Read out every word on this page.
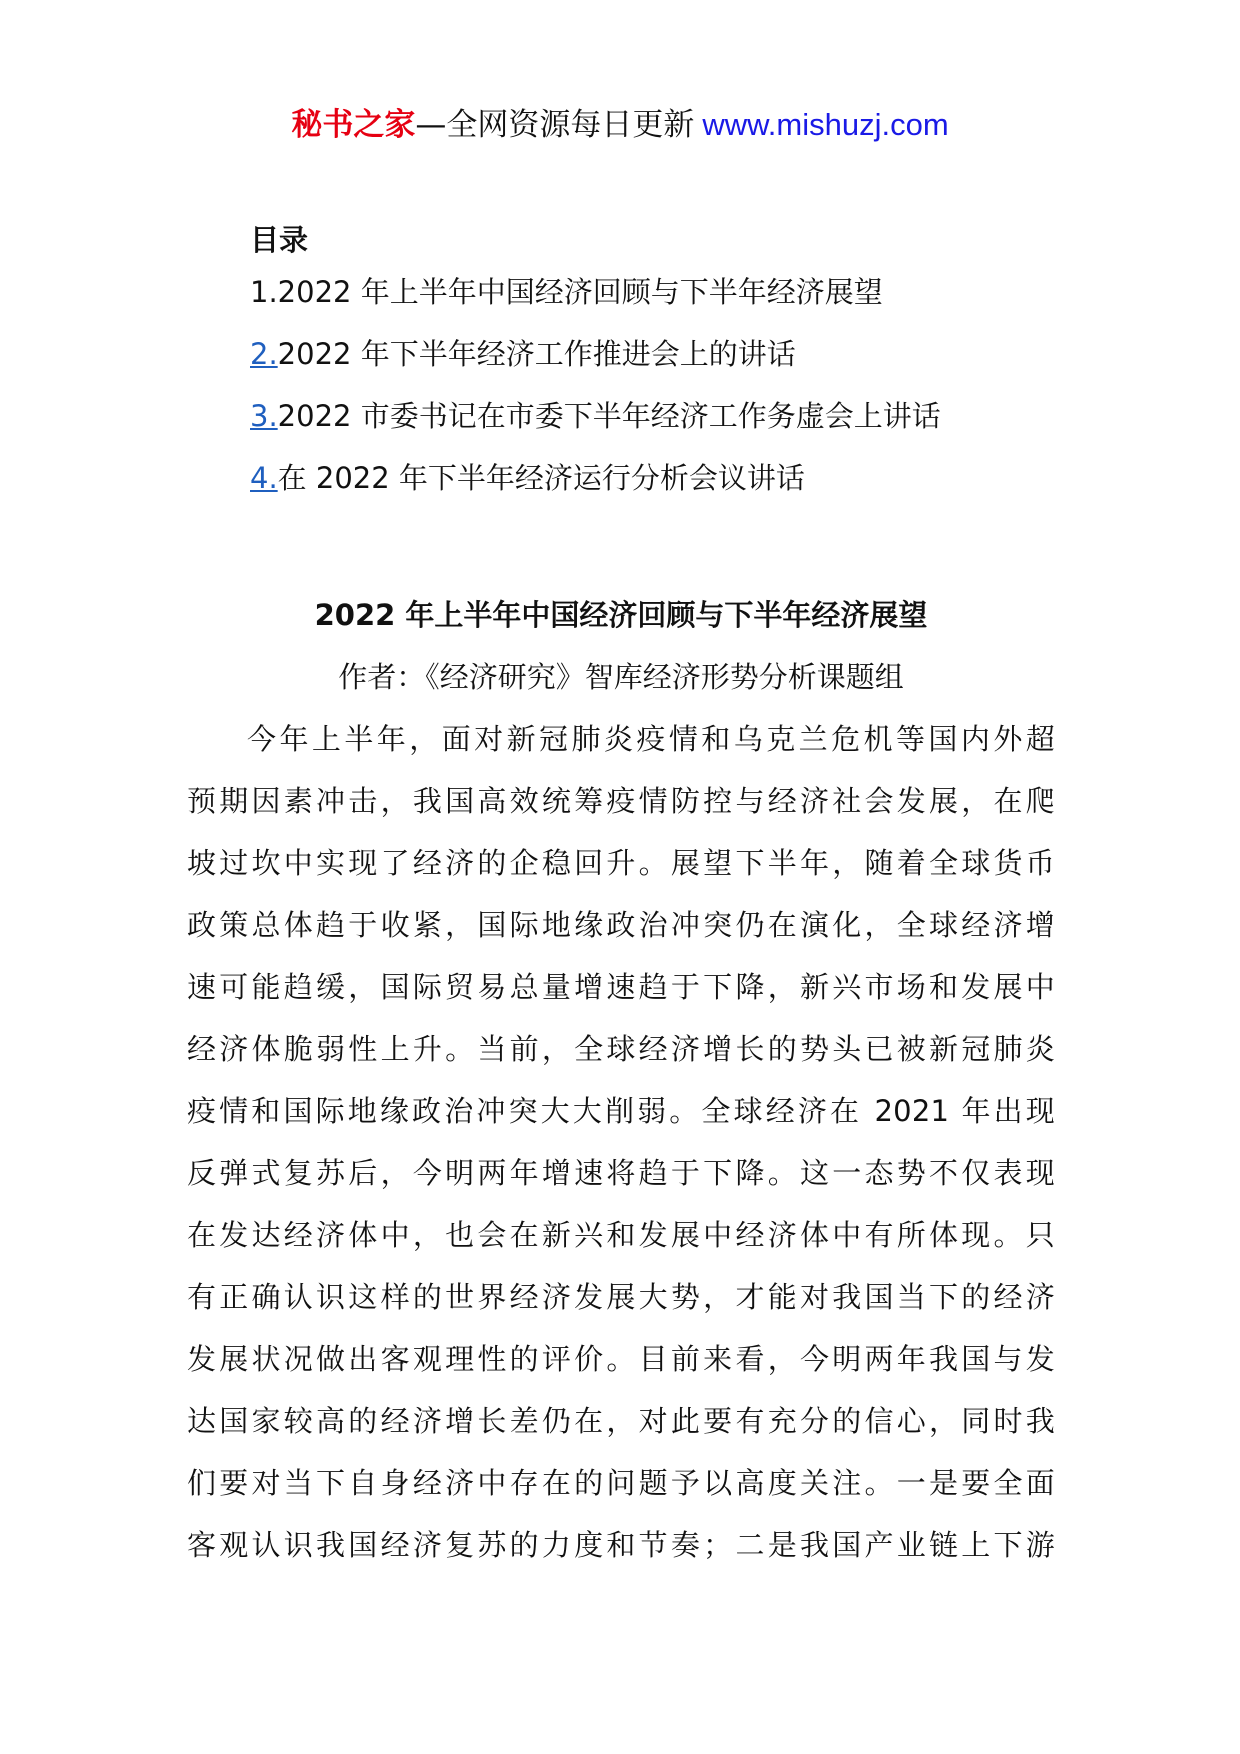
秘书之家—全网资源每日更新 www.mishuzj.com
目录
1.2022 年上半年中国经济回顾与下半年经济展望
2.2022 年下半年经济工作推进会上的讲话
3.2022 市委书记在市委下半年经济工作务虚会上讲话
4.在 2022 年下半年经济运行分析会议讲话
2022 年上半年中国经济回顾与下半年经济展望
作者：《经济研究》智库经济形势分析课题组
今年上半年，面对新冠肺炎疫情和乌克兰危机等国内外超
预期因素冲击，我国高效统筹疫情防控与经济社会发展，在爬
坡过坎中实现了经济的企稳回升。展望下半年，随着全球货币
政策总体趋于收紧，国际地缘政治冲突仍在演化，全球经济增
速可能趋缓，国际贸易总量增速趋于下降，新兴市场和发展中
经济体脆弱性上升。当前，全球经济增长的势头已被新冠肺炎
疫情和国际地缘政治冲突大大削弱。全球经济在 2021 年出现
反弹式复苏后，今明两年增速将趋于下降。这一态势不仅表现
在发达经济体中，也会在新兴和发展中经济体中有所体现。只
有正确认识这样的世界经济发展大势，才能对我国当下的经济
发展状况做出客观理性的评价。目前来看，今明两年我国与发
达国家较高的经济增长差仍在，对此要有充分的信心，同时我
们要对当下自身经济中存在的问题予以高度关注。一是要全面
客观认识我国经济复苏的力度和节奏；二是我国产业链上下游
